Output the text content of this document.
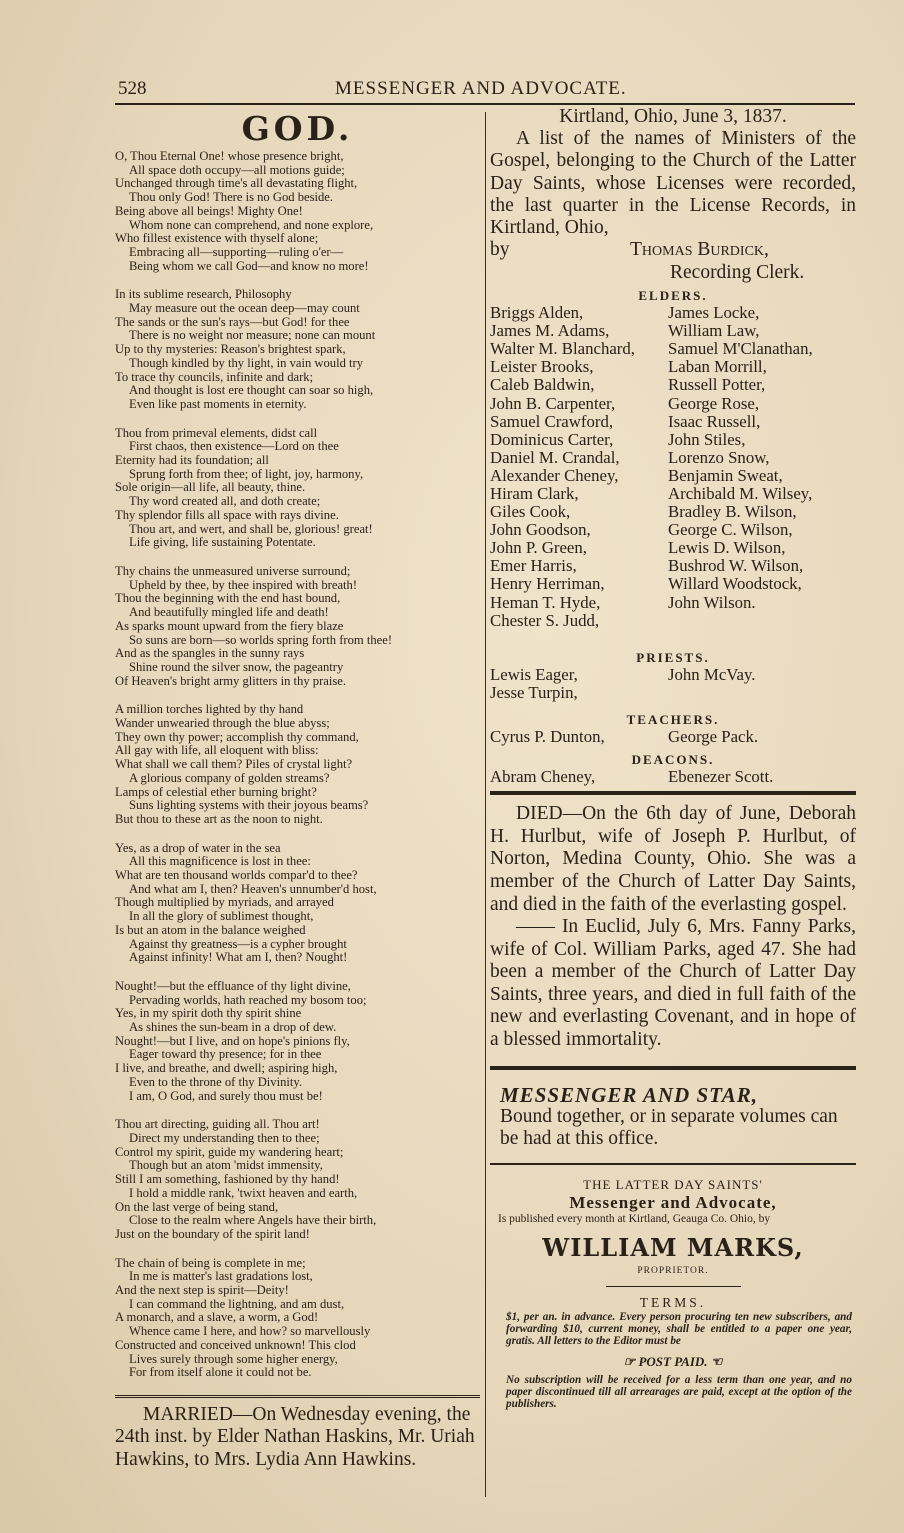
528	MESSENGER AND ADVOCATE.
GOD.
O, Thou Eternal One! whose presence bright,
All space doth occupy—all motions guide;
Unchanged through time's all devastating flight,
Thou only God! There is no God beside.
Being above all beings! Mighty One!
Whom none can comprehend, and none explore,
Who fillest existence with thyself alone;
Embracing all—supporting—ruling o'er—
Being whom we call God—and know no more!
In its sublime research, Philosophy
May measure out the ocean deep—may count
The sands or the sun's rays—but God! for thee
There is no weight nor measure; none can mount
Up to thy mysteries: Reason's brightest spark,
Though kindled by thy light, in vain would try
To trace thy councils, infinite and dark;
And thought is lost ere thought can soar so high,
Even like past moments in eternity.
Thou from primeval elements, didst call
First chaos, then existence—Lord on thee
Eternity had its foundation; all
Sprung forth from thee; of light, joy, harmony,
Sole origin—all life, all beauty, thine.
Thy word created all, and doth create;
Thy splendor fills all space with rays divine.
Thou art, and wert, and shall be, glorious! great!
Life giving, life sustaining Potentate.
Thy chains the unmeasured universe surround;
Upheld by thee, by thee inspired with breath!
Thou the beginning with the end hast bound,
And beautifully mingled life and death!
As sparks mount upward from the fiery blaze
So suns are born—so worlds spring forth from thee!
And as the spangles in the sunny rays
Shine round the silver snow, the pageantry
Of Heaven's bright army glitters in thy praise.
A million torches lighted by thy hand
Wander unwearied through the blue abyss;
They own thy power; accomplish thy command,
All gay with life, all eloquent with bliss:
What shall we call them? Piles of crystal light?
A glorious company of golden streams?
Lamps of celestial ether burning bright?
Suns lighting systems with their joyous beams?
But thou to these art as the noon to night.
Yes, as a drop of water in the sea
All this magnificence is lost in thee:
What are ten thousand worlds compar'd to thee?
And what am I, then? Heaven's unnumber'd host,
Though multiplied by myriads, and arrayed
In all the glory of sublimest thought,
Is but an atom in the balance weighed
Against thy greatness—is a cypher brought
Against infinity! What am I, then? Nought!
Nought!—but the effluance of thy light divine,
Pervading worlds, hath reached my bosom too;
Yes, in my spirit doth thy spirit shine
As shines the sun-beam in a drop of dew.
Nought!—but I live, and on hope's pinions fly,
Eager toward thy presence; for in thee
I live, and breathe, and dwell; aspiring high,
Even to the throne of thy Divinity.
I am, O God, and surely thou must be!
Thou art directing, guiding all. Thou art!
Direct my understanding then to thee;
Control my spirit, guide my wandering heart;
Though but an atom 'midst immensity,
Still I am something, fashioned by thy hand!
I hold a middle rank, 'twixt heaven and earth,
On the last verge of being stand,
Close to the realm where Angels have their birth,
Just on the boundary of the spirit land!
The chain of being is complete in me;
In me is matter's last gradations lost,
And the next step is spirit—Deity!
I can command the lightning, and am dust,
A monarch, and a slave, a worm, a God!
Whence came I here, and how? so marvellously
Constructed and conceived unknown! This clod
Lives surely through some higher energy,
For from itself alone it could not be.
MARRIED—On Wednesday evening, the 24th inst. by Elder Nathan Haskins, Mr. Uriah Hawkins, to Mrs. Lydia Ann Hawkins.
Kirtland, Ohio, June 3, 1837.

A list of the names of Ministers of the Gospel, belonging to the Church of the Latter Day Saints, whose Licenses were recorded, the last quarter in the License Records, in Kirtland, Ohio,

by	Thomas Burdick,
Recording Clerk.
ELDERS.
Briggs Alden,	James Locke,
James M. Adams,	William Law,
Walter M. Blanchard,	Samuel M'Clanathan,
Leister Brooks,	Laban Morrill,
Caleb Baldwin,	Russell Potter,
John B. Carpenter,	George Rose,
Samuel Crawford,	Isaac Russell,
Dominicus Carter,	John Stiles,
Daniel M. Crandal,	Lorenzo Snow,
Alexander Cheney,	Benjamin Sweat,
Hiram Clark,	Archibald M. Wilsey,
Giles Cook,	Bradley B. Wilson,
John Goodson,	George C. Wilson,
John P. Green,	Lewis D. Wilson,
Emer Harris,	Bushrod W. Wilson,
Henry Herriman,	Willard Woodstock,
Heman T. Hyde,	John Wilson.
Chester S. Judd,
PRIESTS.
Lewis Eager,	John McVay.
Jesse Turpin,
TEACHERS.
Cyrus P. Dunton,	George Pack.
DEACONS.
Abram Cheney,	Ebenezer Scott.

DIED—On the 6th day of June, Deborah H. Hurlbut, wife of Joseph P. Hurlbut, of Norton, Medina County, Ohio. She was a member of the Church of Latter Day Saints, and died in the faith of the everlasting gospel.

—— In Euclid, July 6, Mrs. Fanny Parks, wife of Col. William Parks, aged 47. She had been a member of the Church of Latter Day Saints, three years, and died in full faith of the new and everlasting Covenant, and in hope of a blessed immortality.

MESSENGER AND STAR,
Bound together, or in separate volumes can be had at this office.
THE LATTER DAY SAINTS'
Messenger and Advocate,
Is published every month at Kirtland, Geauga Co. Ohio, by
WILLIAM MARKS,
PROPRIETOR.
TERMS.
$1, per an. in advance. Every person procuring ten new subscribers, and forwarding $10, current money, shall be entitled to a paper one year, gratis. All letters to the Editor must be
☞ POST PAID. ☜
No subscription will be received for a less term than one year, and no paper discontinued till all arrearages are paid, except at the option of the publishers.
